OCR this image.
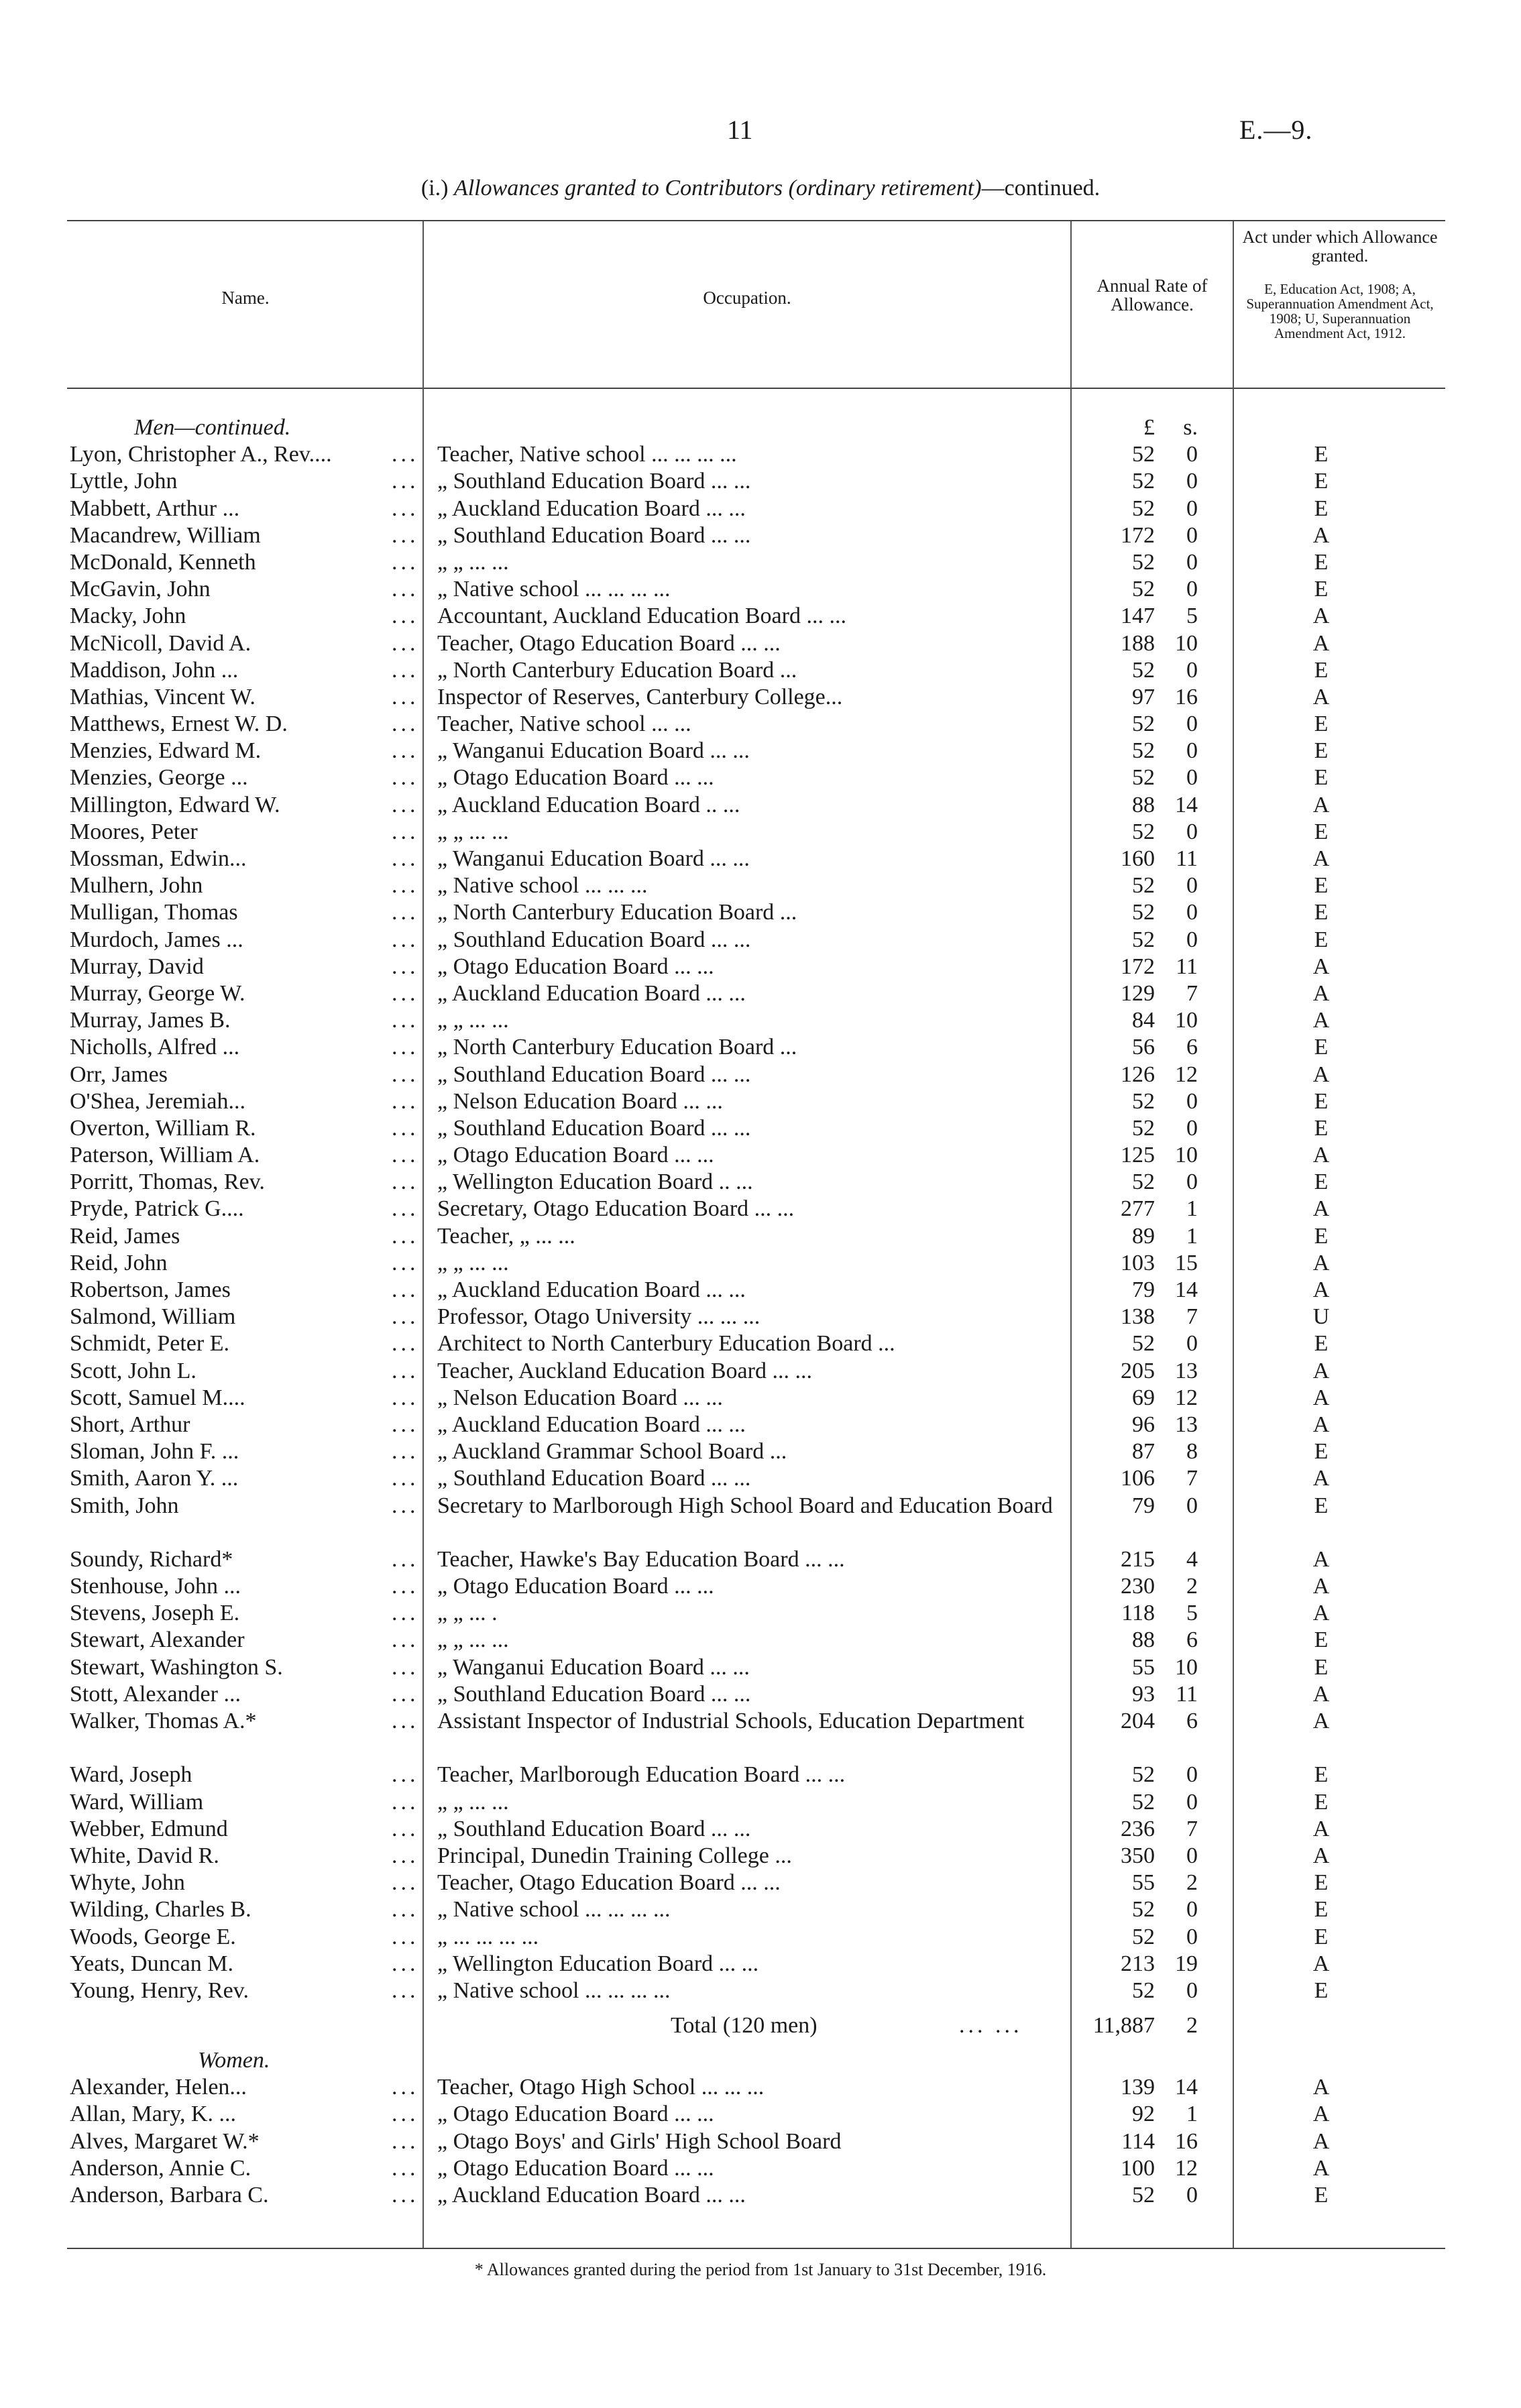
11	E.—9.
(i.) Allowances granted to Contributors (ordinary retirement)—continued.
Name.	Occupation.
Annual Rate of Allowance.
Act under which Allowance granted.
E, Education Act, 1908; A, Superannuation Amendment Act, 1908; U, Superannuation Amendment Act, 1912.
Men—continued.	£	s.
Lyon, Christopher A., Rev....	... Teacher, Native school ... ... ... ...	52	0	E
Lyttle, John	... „ Southland Education Board ... ...	52	0	E
Mabbett, Arthur ...	... „ Auckland Education Board ... ...	52	0	E
Macandrew, William	... „ Southland Education Board ... ...	172	0	A
McDonald, Kenneth	... „ „ ... ...	52	0	E
McGavin, John	... „ Native school ... ... ... ...	52	0	E
Macky, John	... Accountant, Auckland Education Board ... ...	147	5	A
McNicoll, David A.	... Teacher, Otago Education Board ... ...	188 10	A
Maddison, John ...	... „ North Canterbury Education Board ...	52	0	E
Mathias, Vincent W.	... Inspector of Reserves, Canterbury College...	97 16	A
Matthews, Ernest W. D.	... Teacher, Native school ... ...	52	0	E
Menzies, Edward M.	... „ Wanganui Education Board ... ...	52	0	E
Menzies, George ...	... „ Otago Education Board ... ...	52	0	E
Millington, Edward W.	... „ Auckland Education Board .. ...	88 14	A
Moores, Peter	... „ „ ... ...	52	0	E
Mossman, Edwin...	... „ Wanganui Education Board ... ...	160 11	A
Mulhern, John	... „ Native school ... ... ...	52	0	E
Mulligan, Thomas	... „ North Canterbury Education Board ...	52	0	E
Murdoch, James ...	... „ Southland Education Board ... ...	52	0	E
Murray, David	... „ Otago Education Board ... ...	172 11	A
Murray, George W.	... „ Auckland Education Board ... ...	129	7	A
Murray, James B.	... „ „ ... ...	84 10	A
Nicholls, Alfred ...	... „ North Canterbury Education Board ...	56	6	E
Orr, James	... „ Southland Education Board ... ...	126 12	A
O'Shea, Jeremiah...	... „ Nelson Education Board ... ...	52	0	E
Overton, William R.	... „ Southland Education Board ... ...	52	0	E
Paterson, William A.	... „ Otago Education Board ... ...	125 10	A
Porritt, Thomas, Rev.	... „ Wellington Education Board .. ...	52	0	E
Pryde, Patrick G....	... Secretary, Otago Education Board ... ...	277	1	A
Reid, James	... Teacher, „ ... ...	89	1	E
Reid, John	... „ „ ... ...	103 15	A
Robertson, James	... „ Auckland Education Board ... ...	79 14	A
Salmond, William	... Professor, Otago University ... ... ...	138	7	U
Schmidt, Peter E.	... Architect to North Canterbury Education Board ...	52	0	E
Scott, John L.	... Teacher, Auckland Education Board ... ...	205 13	A
Scott, Samuel M....	... „ Nelson Education Board ... ...	69 12	A
Short, Arthur	... „ Auckland Education Board ... ...	96 13	A
Sloman, John F. ...	... „ Auckland Grammar School Board ...	87	8	E
Smith, Aaron Y. ...	... „ Southland Education Board ... ...	106	7	A
Smith, John	... Secretary to Marlborough High School Board and Education Board	79	0	E
Soundy, Richard*	... Teacher, Hawke's Bay Education Board ... ...	215	4	A
Stenhouse, John ...	... „ Otago Education Board ... ...	230	2	A
Stevens, Joseph E.	... „ „ ... .	118	5	A
Stewart, Alexander	... „ „ ... ...	88	6	E
Stewart, Washington S.	... „ Wanganui Education Board ... ...	55 10	E
Stott, Alexander ...	... „ Southland Education Board ... ...	93 11	A
Walker, Thomas A.*	... Assistant Inspector of Industrial Schools, Education Department	204	6	A
Ward, Joseph	... Teacher, Marlborough Education Board ... ...	52	0	E
Ward, William	... „ „ ... ...	52	0	E
Webber, Edmund	... „ Southland Education Board ... ...	236	7	A
White, David R.	... Principal, Dunedin Training College ...	350	0	A
Whyte, John	... Teacher, Otago Education Board ... ...	55	2	E
Wilding, Charles B.	... „ Native school ... ... ... ...	52	0	E
Woods, George E.	... „ ... ... ... ...	52	0	E
Yeats, Duncan M.	... „ Wellington Education Board ... ...	213 19	A
Young, Henry, Rev.	... „ Native school ... ... ... ...	52	0	E
Total (120 men)	... ...	11,887	2
Women.
Alexander, Helen...	... Teacher, Otago High School ... ... ...	139 14	A
Allan, Mary, K. ...	... „ Otago Education Board ... ...	92	1	A
Alves, Margaret W.*	... „ Otago Boys' and Girls' High School Board	114 16	A
Anderson, Annie C.	... „ Otago Education Board ... ...	100 12	A
Anderson, Barbara C.	... „ Auckland Education Board ... ...	52	0	E
* Allowances granted during the period from 1st January to 31st December, 1916.
